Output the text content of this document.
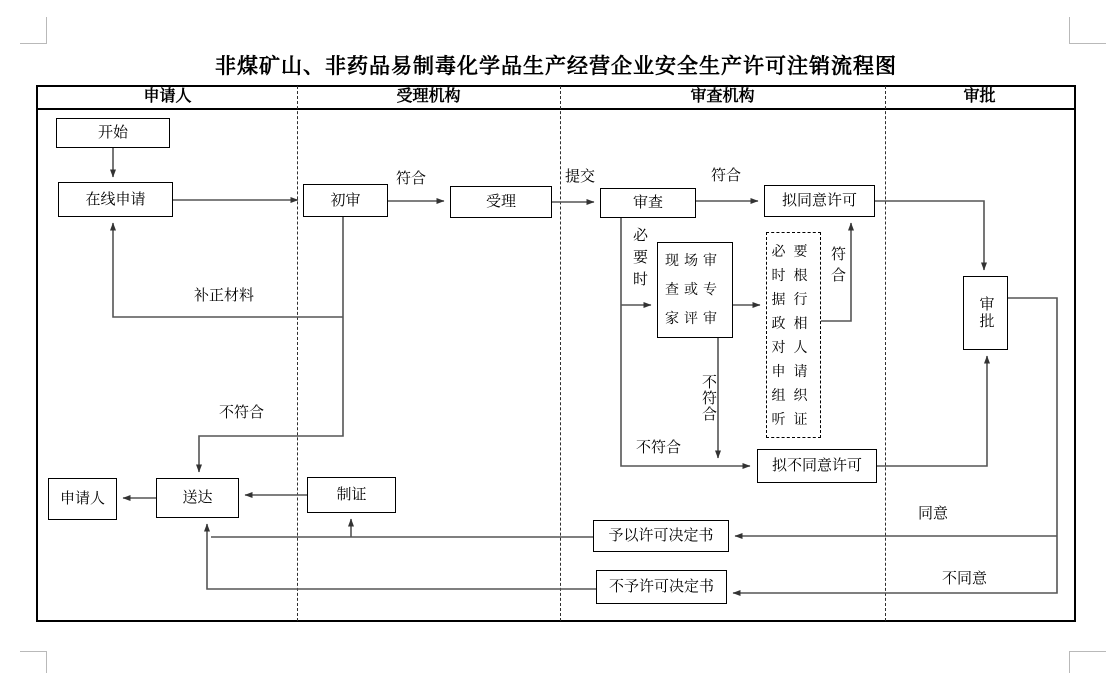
非煤矿山、非药品易制毒化学品生产经营企业安全生产许可注销流程图
申请人	受理机构	审查机构	审批
开始
在线申请	初审	受理	审查	拟同意许可
现场审查或专家评审
必要时根据行政相对人申请组织听证
审批
拟不同意许可
申请人	送达	制证
予以许可决定书
不予许可决定书
符合	提交	符合
必要时	符合
不符合
不符合
补正材料
不符合
同意
不同意
